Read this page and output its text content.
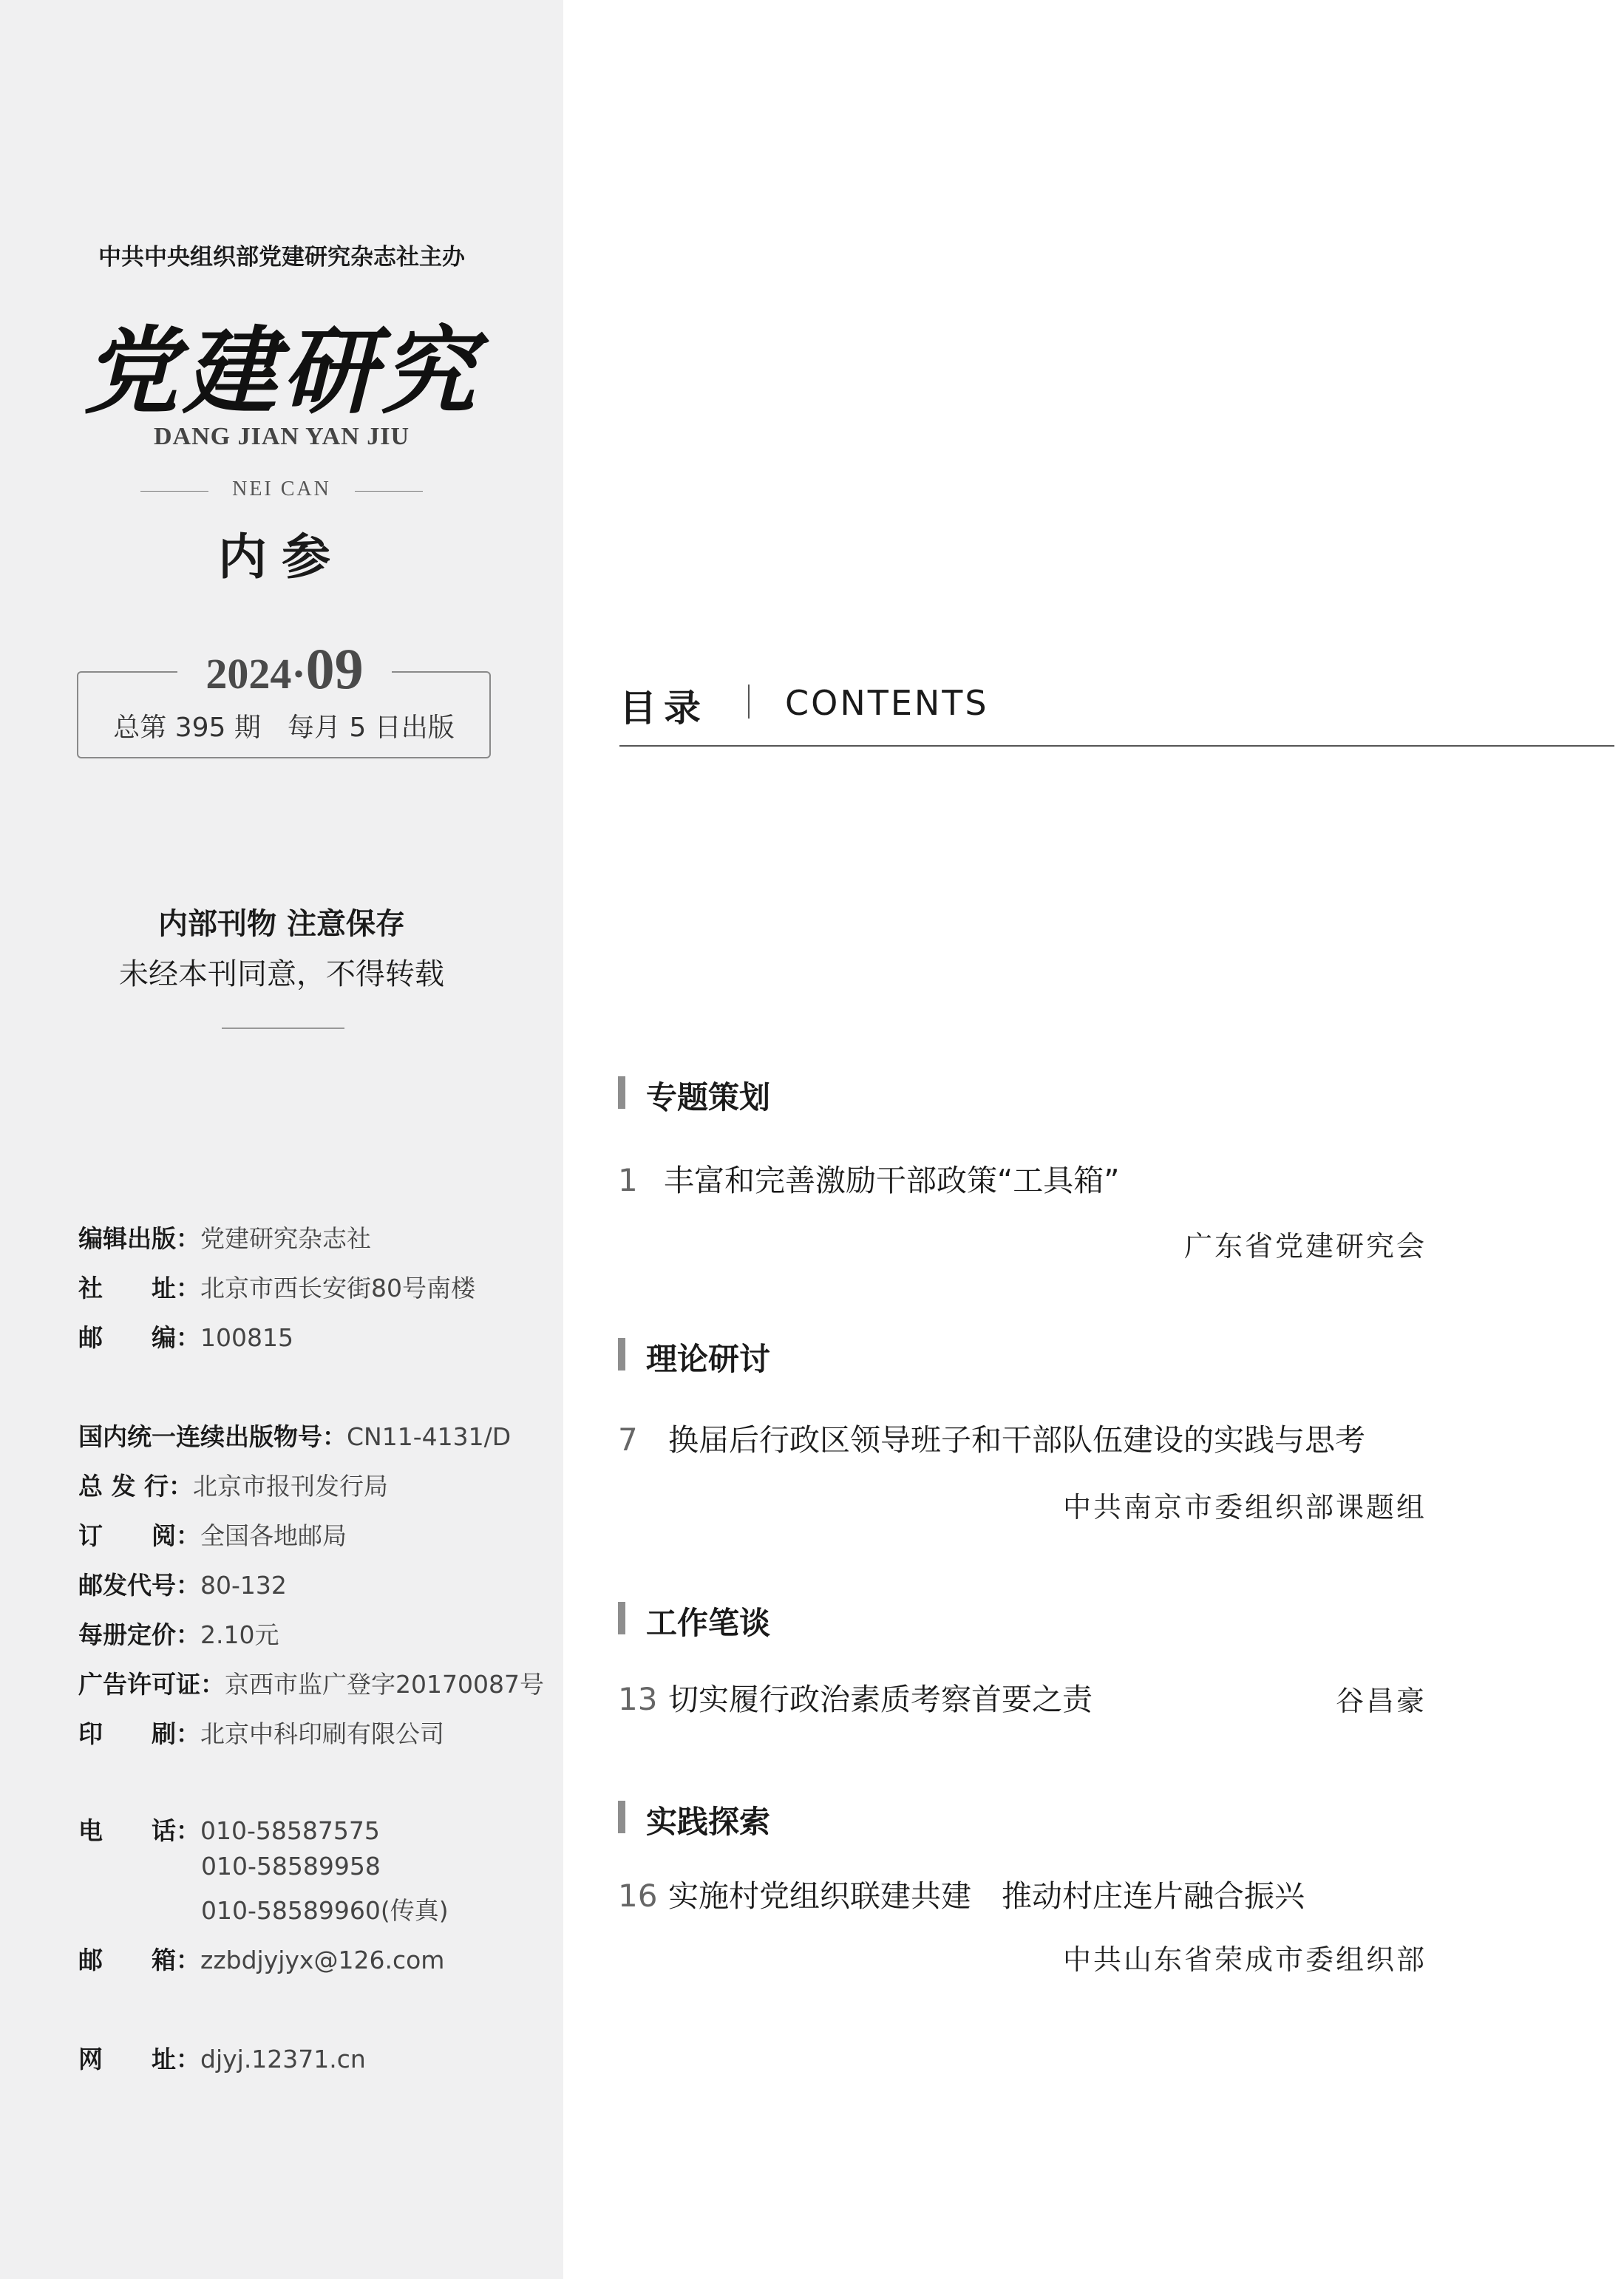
中共中央组织部党建研究杂志社主办
党建研究
DANG JIAN YAN JIU
NEI CAN
内参
2024·09
总第 395 期　每月 5 日出版
内部刊物 注意保存
未经本刊同意，不得转载
编辑出版：党建研究杂志社
社　　址：北京市西长安街80号南楼
邮　　编：100815
国内统一连续出版物号：CN11-4131/D
总 发 行：北京市报刊发行局
订　　阅：全国各地邮局
邮发代号：80-132
每册定价：2.10元
广告许可证：京西市监广登字20170087号
印　　刷：北京中科印刷有限公司
电　　话：010-58587575
010-58589958
010-58589960(传真)
邮　　箱：zzbdjyjyx@126.com
网　　址：djyj.12371.cn
目录 CONTENTS
专题策划
1 丰富和完善激励干部政策“工具箱”
广东省党建研究会
理论研讨
7 换届后行政区领导班子和干部队伍建设的实践与思考
中共南京市委组织部课题组
工作笔谈
13 切实履行政治素质考察首要之责	谷昌豪
实践探索
16 实施村党组织联建共建　推动村庄连片融合振兴
中共山东省荣成市委组织部
